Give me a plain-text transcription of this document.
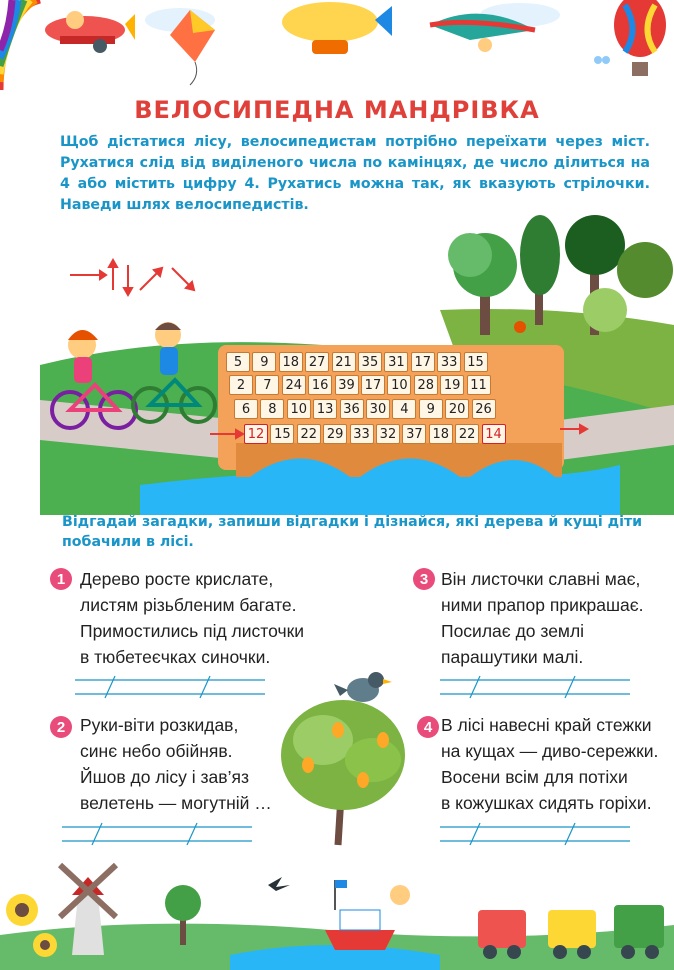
ВЕЛОСИПЕДНА МАНДРІВКА
Щоб дістатися лісу, велосипедистам потрібно переїхати через міст. Рухатися слід від виділеного числа по камінцях, де число ділиться на 4 або містить цифру 4. Рухатись можна так, як вказують стрілочки. Наведи шлях велосипедистів.
5	9	18 27 21 35 31 17 33 15
2	7	24 16 39 17 10 28 19 11
6	8	10 13 36 30	4	9	20 26
12 15 22 29 33 32 37 18 22 14
Відгадай загадки, запиши відгадки і дізнайся, які дерева й кущі діти побачили в лісі.
1 Дерево росте крислате,
листям різьбленим багате.
Примостились під листочки
в тюбетеєчках синочки.
2 Руки-віти розкидав,
синє небо обійняв.
Йшов до лісу і зав’яз
велетень — могутній …
3 Він листочки славні має,
ними прапор прикрашає.
Посилає до землі
парашутики малі.
4 В лісі навесні край стежки
на кущах — диво-сережки.
Восени всім для потіхи
в кожушках сидять горіхи.
